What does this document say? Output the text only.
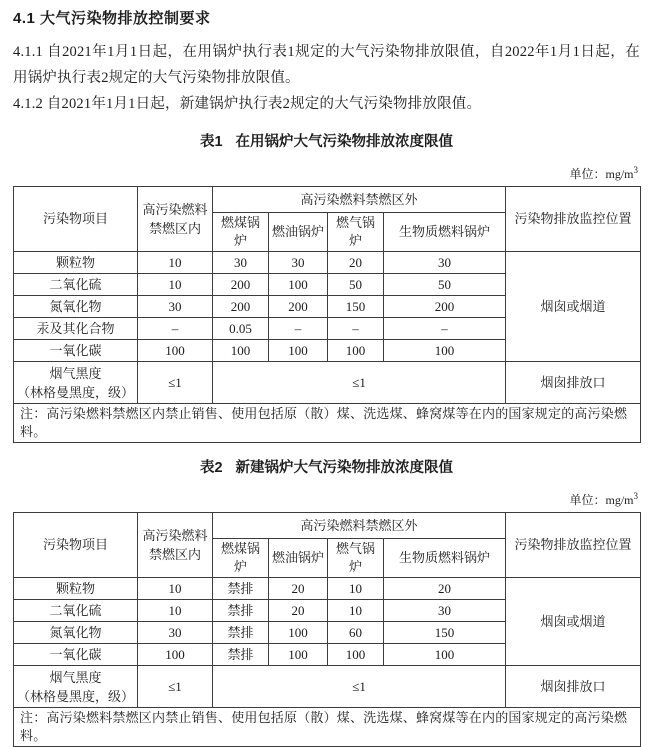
4.1 大气污染物排放控制要求

4.1.1 自2021年1月1日起，在用锅炉执行表1规定的大气污染物排放限值，自2022年1月1日起，在用锅炉执行表2规定的大气污染物排放限值。

4.1.2 自2021年1月1日起，新建锅炉执行表2规定的大气污染物排放限值。

表1 在用锅炉大气污染物排放浓度限值
单位：$mg/m^3$
污染物项目	高污染燃料禁燃区内	高污染燃料禁燃区外				污染物排放监控位置
		燃煤锅炉	燃油锅炉	燃气锅炉	生物质燃料锅炉	
颗粒物	10	30	30	20	30	烟囱或烟道
二氧化硫	10	200	100	50	50	
氮氧化物	30	200	200	150	200	
汞及其化合物	–	0.05	–	–	–	
一氧化碳	100	100	100	100	100	

烟气黑度
（林格曼黑度，级）	≤1	≤1				烟囱排放口
注：高污染燃料禁燃区内禁止销售、使用包括原（散）煤、洗选煤、蜂窝煤等在内的国家规定的高污染燃料。						
表2 新建锅炉大气污染物排放浓度限值
单位：$mg/m^3$
污染物项目	高污染燃料禁燃区内	高污染燃料禁燃区外				污染物排放监控位置
		燃煤锅炉	燃油锅炉	燃气锅炉	生物质燃料锅炉	
颗粒物	10	禁排	20	10	20	烟囱或烟道
二氧化硫	10	禁排	20	10	30	
氮氧化物	30	禁排	100	60	150	
一氧化碳	100	禁排	100	100	100	

烟气黑度
（林格曼黑度，级）	≤1	≤1				烟囱排放口
注：高污染燃料禁燃区内禁止销售、使用包括原（散）煤、洗选煤、蜂窝煤等在内的国家规定的高污染燃料。						
